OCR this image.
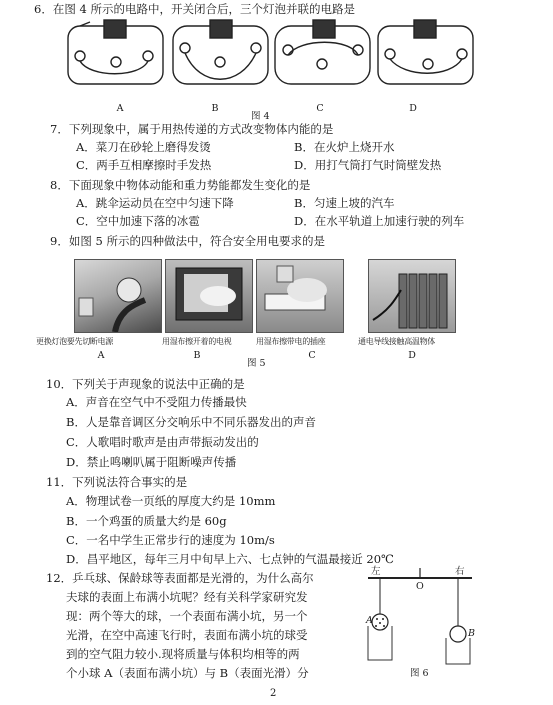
6．在图 4 所示的电路中，开关闭合后，三个灯泡并联的电路是
A	B	C	D
图 4
7．下列现象中，属于用热传递的方式改变物体内能的是
A．菜刀在砂轮上磨得发烫	B．在火炉上烧开水
C．两手互相摩擦时手发热	D．用打气筒打气时筒壁发热
8．下面现象中物体动能和重力势能都发生变化的是
A．跳伞运动员在空中匀速下降	B．匀速上坡的汽车
C．空中加速下落的冰雹	D．在水平轨道上加速行驶的列车
9．如图 5 所示的四种做法中，符合安全用电要求的是
更换灯泡要先切断电源	用湿布擦开着的电视	用湿布擦带电的插座	通电导线接触高温物体
A	B
图 5
C	D
10．下列关于声现象的说法中正确的是
A．声音在空气中不受阻力传播最快
B．人是靠音调区分交响乐中不同乐器发出的声音
C．人歌唱时歌声是由声带振动发出的
D．禁止鸣喇叭属于阻断噪声传播
11．下列说法符合事实的是
A．物理试卷一页纸的厚度大约是 10mm
B．一个鸡蛋的质量大约是 60g
C．一名中学生正常步行的速度为 10m/s
D．昌平地区，每年三月中旬早上六、七点钟的气温最接近 20℃
12．乒乓球、保龄球等表面都是光滑的，为什么高尔
夫球的表面上布满小坑呢？经有关科学家研究发
现：两个等大的球，一个表面布满小坑，另一个
光滑，在空中高速飞行时，表面布满小坑的球受
到的空气阻力较小.现将质量与体积均相等的两
个小球 A（表面布满小坑）与 B（表面光滑）分
左	右
O
A
B
图 6
2
